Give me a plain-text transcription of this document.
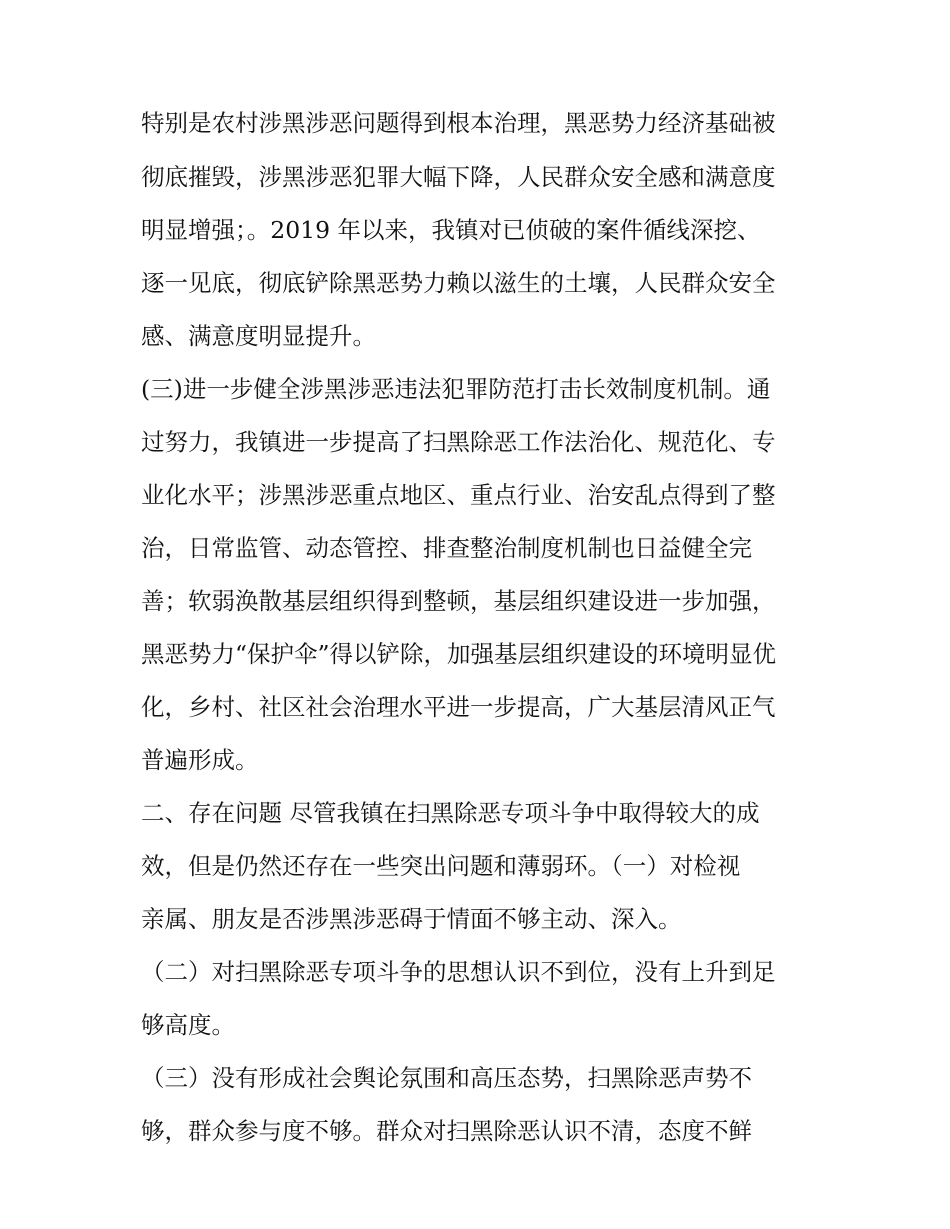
特别是农村涉黑涉恶问题得到根本治理，黑恶势力经济基础被
彻底摧毁，涉黑涉恶犯罪大幅下降，人民群众安全感和满意度
明显增强；。2019 年以来，我镇对已侦破的案件循线深挖、
逐一见底，彻底铲除黑恶势力赖以滋生的土壤，人民群众安全
感、满意度明显提升。
(三)进一步健全涉黑涉恶违法犯罪防范打击长效制度机制。通
过努力，我镇进一步提高了扫黑除恶工作法治化、规范化、专
业化水平；涉黑涉恶重点地区、重点行业、治安乱点得到了整
治，日常监管、动态管控、排查整治制度机制也日益健全完
善；软弱涣散基层组织得到整顿，基层组织建设进一步加强，
黑恶势力“保护伞”得以铲除，加强基层组织建设的环境明显优
化，乡村、社区社会治理水平进一步提高，广大基层清风正气
普遍形成。
二、存在问题 尽管我镇在扫黑除恶专项斗争中取得较大的成
效，但是仍然还存在一些突出问题和薄弱环。（一）对检视
亲属、朋友是否涉黑涉恶碍于情面不够主动、深入。
（二）对扫黑除恶专项斗争的思想认识不到位，没有上升到足
够高度。
（三）没有形成社会舆论氛围和高压态势，扫黑除恶声势不
够，群众参与度不够。群众对扫黑除恶认识不清，态度不鲜
